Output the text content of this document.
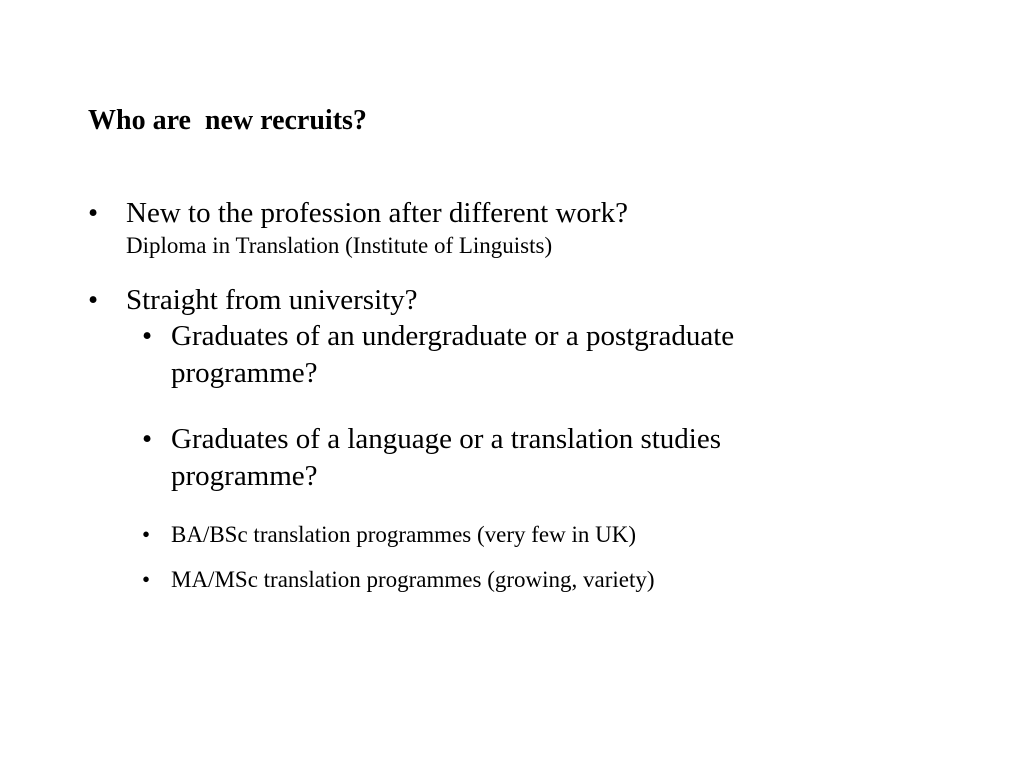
Who are  new recruits?
• New to the profession after different work?
Diploma in Translation (Institute of Linguists)
• Straight from university?
• Graduates of an undergraduate or a postgraduate
programme?
• Graduates of a language or a translation studies
programme?
• BA/BSc translation programmes (very few in UK)
• MA/MSc translation programmes (growing, variety)
